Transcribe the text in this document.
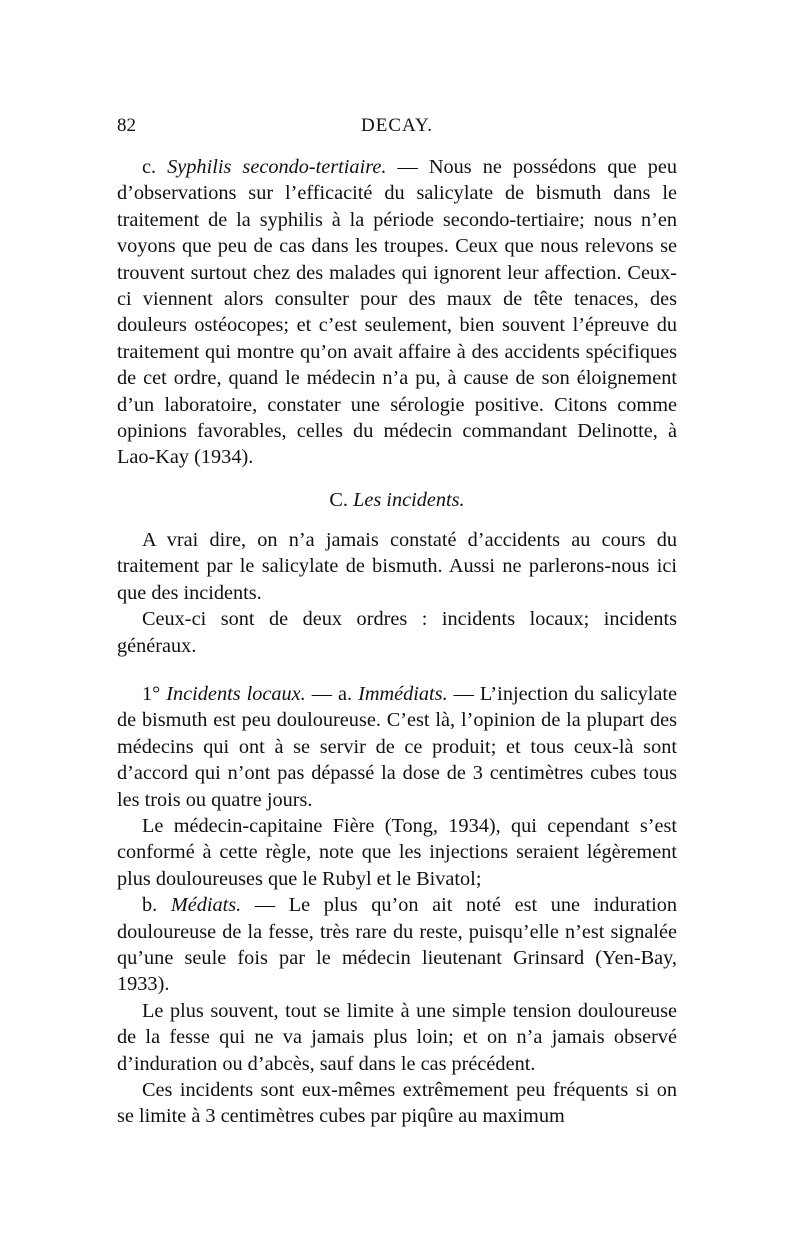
82	DECAY.

c. Syphilis secondo-tertiaire. — Nous ne possédons que peu d’observations sur l’efficacité du salicylate de bismuth dans le traitement de la syphilis à la période secondo-tertiaire; nous n’en voyons que peu de cas dans les troupes. Ceux que nous relevons se trouvent surtout chez des malades qui ignorent leur affection. Ceux-ci viennent alors consulter pour des maux de tête tenaces, des douleurs ostéocopes; et c’est seulement, bien souvent l’épreuve du traitement qui montre qu’on avait affaire à des accidents spécifiques de cet ordre, quand le médecin n’a pu, à cause de son éloignement d’un laboratoire, constater une sérologie positive. Citons comme opinions favorables, celles du médecin commandant Delinotte, à Lao-Kay (1934).

C. Les incidents.

A vrai dire, on n’a jamais constaté d’accidents au cours du traitement par le salicylate de bismuth. Aussi ne parlerons-nous ici que des incidents.

Ceux-ci sont de deux ordres : incidents locaux; incidents généraux.

1° Incidents locaux. — a. Immédiats. — L’injection du salicylate de bismuth est peu douloureuse. C’est là, l’opinion de la plupart des médecins qui ont à se servir de ce produit; et tous ceux-là sont d’accord qui n’ont pas dépassé la dose de 3 centimètres cubes tous les trois ou quatre jours.

Le médecin-capitaine Fière (Tong, 1934), qui cependant s’est conformé à cette règle, note que les injections seraient légèrement plus douloureuses que le Rubyl et le Bivatol;

b. Médiats. — Le plus qu’on ait noté est une induration douloureuse de la fesse, très rare du reste, puisqu’elle n’est signalée qu’une seule fois par le médecin lieutenant Grinsard (Yen-Bay, 1933).

Le plus souvent, tout se limite à une simple tension douloureuse de la fesse qui ne va jamais plus loin; et on n’a jamais observé d’induration ou d’abcès, sauf dans le cas précédent.

Ces incidents sont eux-mêmes extrêmement peu fréquents si on se limite à 3 centimètres cubes par piqûre au maximum
